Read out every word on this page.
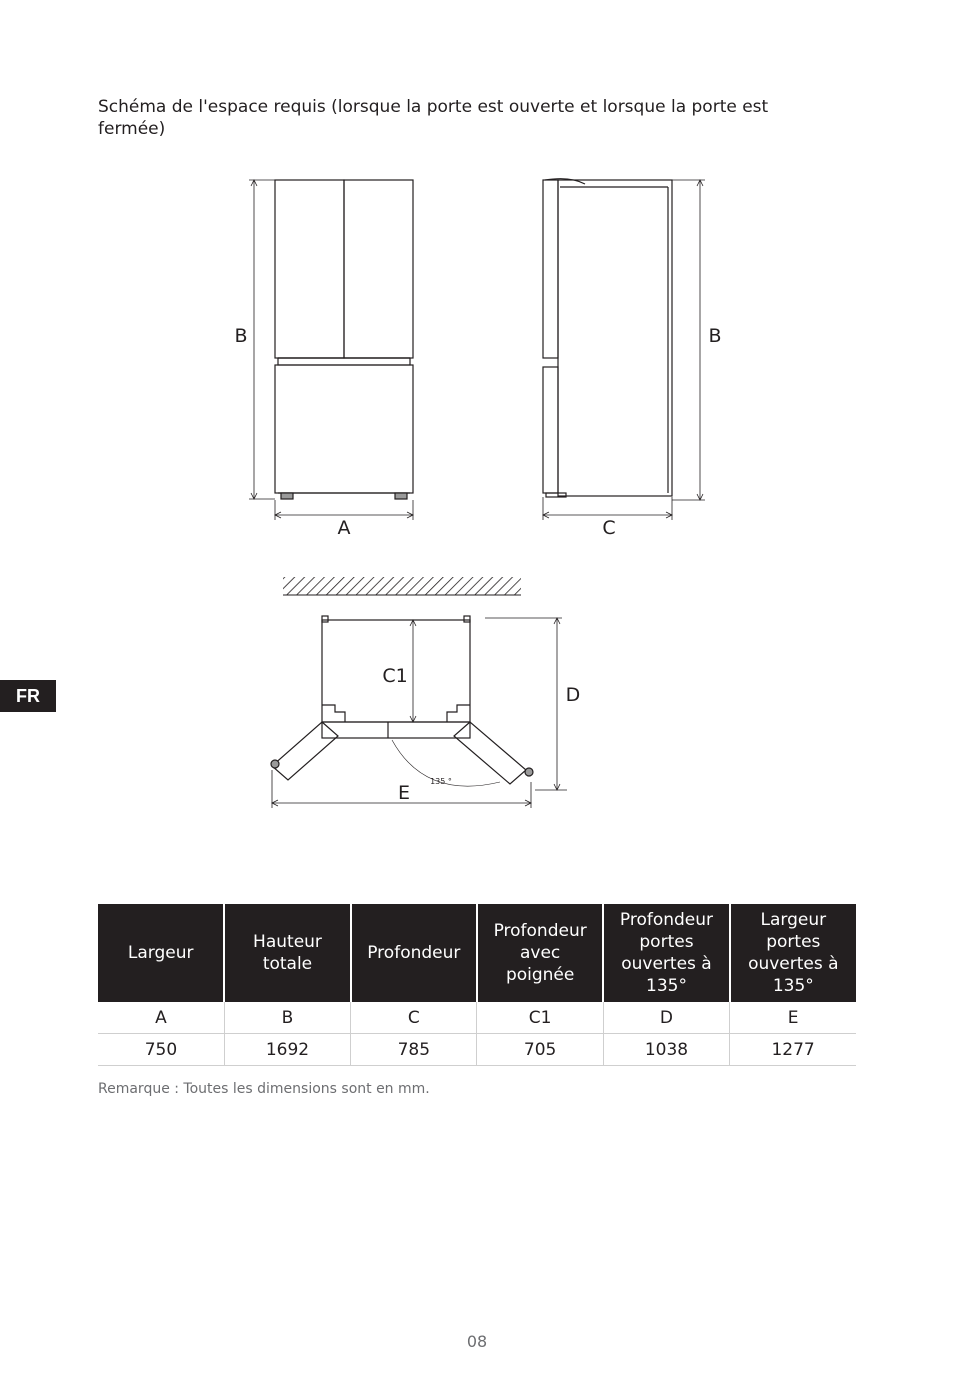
Schéma de l'espace requis (lorsque la porte est ouverte et lorsque la porte est fermée)

FR
B
A
B
C
C1
D
E
135 °
Largeur	Hauteur totale	Profondeur	Profondeur avec poignée	Profondeur portes ouvertes à 135°	Largeur portes ouvertes à 135°
A	B	C	C1	D	E
750	1692	785	705	1038	1277
Remarque : Toutes les dimensions sont en mm.
08
